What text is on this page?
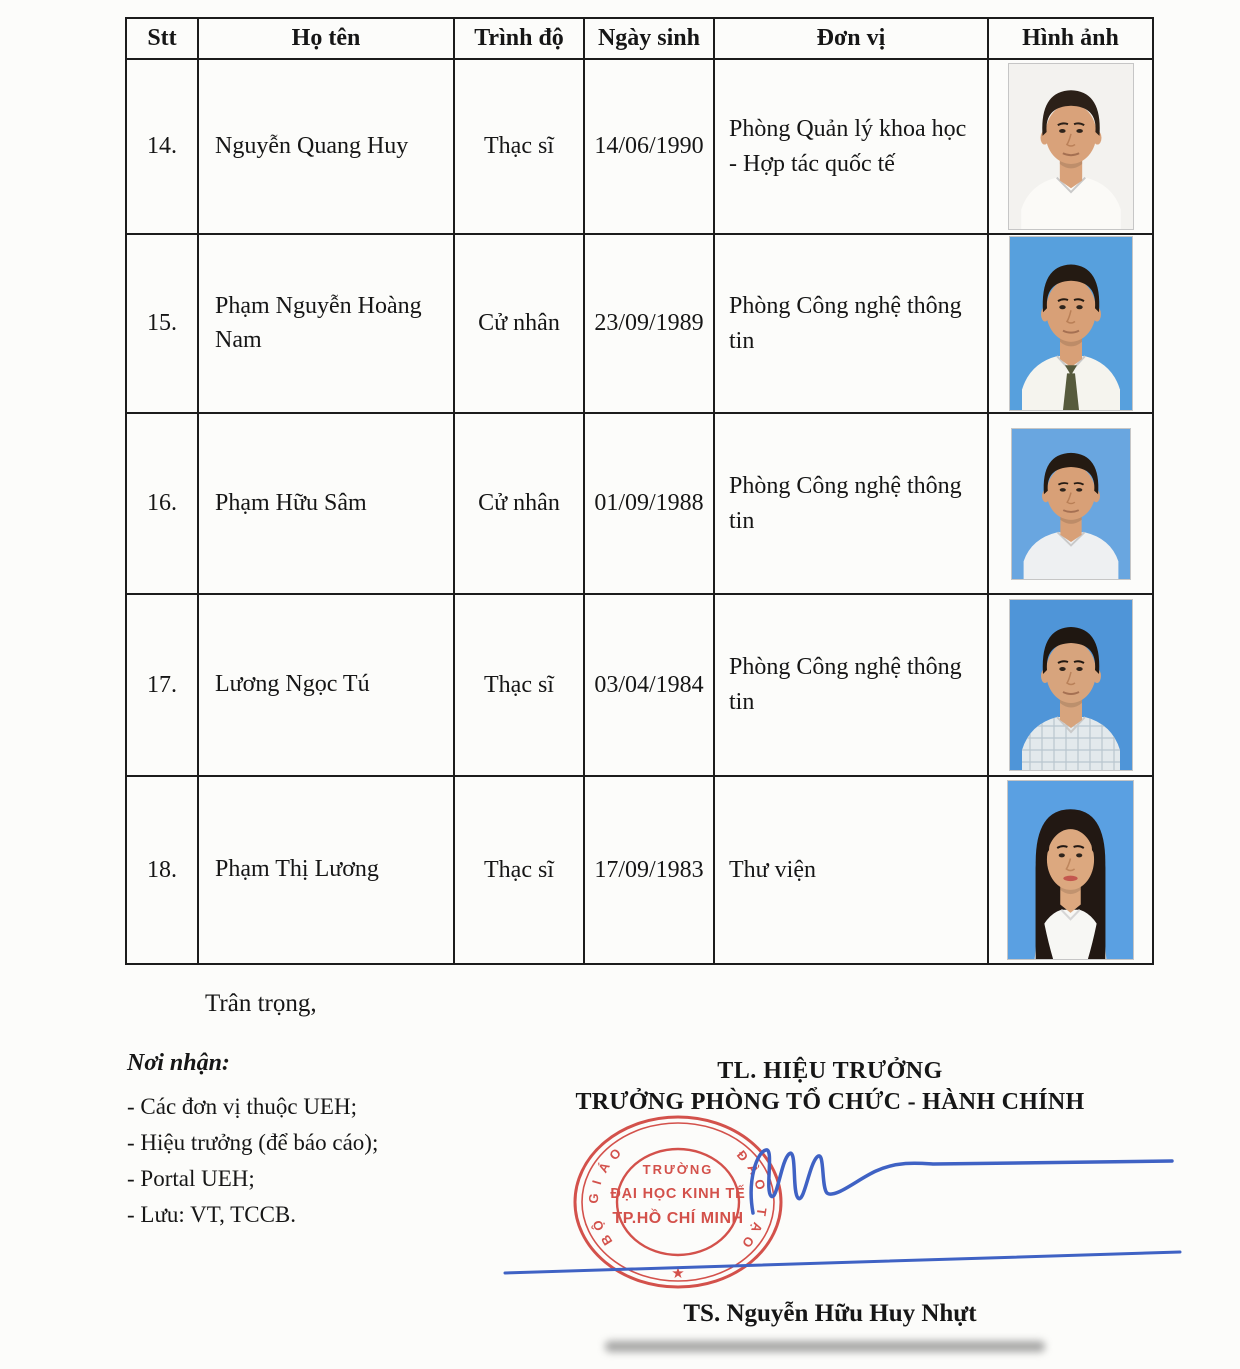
Stt	Họ tên	Trình độ	Ngày sinh	Đơn vị	Hình ảnh
14.	Nguyễn Quang Huy	Thạc sĩ	14/06/1990	Phòng Quản lý khoa học - Hợp tác quốc tế	
15.	Phạm Nguyễn Hoàng Nam	Cử nhân	23/09/1989	Phòng Công nghệ thông tin	
16.	Phạm Hữu Sâm	Cử nhân	01/09/1988	Phòng Công nghệ thông tin	
17.	Lương Ngọc Tú	Thạc sĩ	03/04/1984	Phòng Công nghệ thông tin	
18.	Phạm Thị Lương	Thạc sĩ	17/09/1983	Thư viện	
Trân trọng,
Nơi nhận:
- Các đơn vị thuộc UEH;
- Hiệu trưởng (để báo cáo);
- Portal UEH;
- Lưu: VT, TCCB.
TL. HIỆU TRƯỞNG
TRƯỞNG PHÒNG TỔ CHỨC - HÀNH CHÍNH
B
Ộ
G
I
Á
O	Đ
À
O
T
Ạ
O
TRƯỜNG
ĐẠI HỌC KINH TẾ
TP.HỒ CHÍ MINH
★
TS. Nguyễn Hữu Huy Nhựt
